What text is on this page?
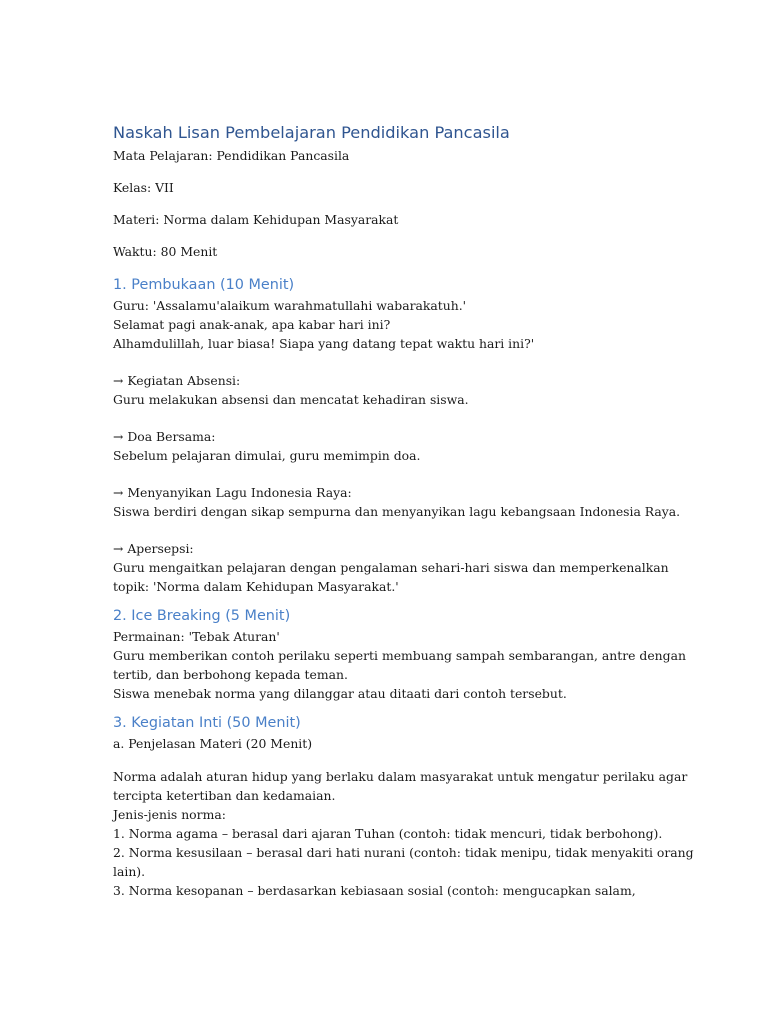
Naskah Lisan Pembelajaran Pendidikan Pancasila
Mata Pelajaran: Pendidikan Pancasila
Kelas: VII
Materi: Norma dalam Kehidupan Masyarakat
Waktu: 80 Menit
1. Pembukaan (10 Menit)
Guru: 'Assalamu'alaikum warahmatullahi wabarakatuh.'
Selamat pagi anak-anak, apa kabar hari ini?
Alhamdulillah, luar biasa! Siapa yang datang tepat waktu hari ini?'
→ Kegiatan Absensi:
Guru melakukan absensi dan mencatat kehadiran siswa.
→ Doa Bersama:
Sebelum pelajaran dimulai, guru memimpin doa.
→ Menyanyikan Lagu Indonesia Raya:
Siswa berdiri dengan sikap sempurna dan menyanyikan lagu kebangsaan Indonesia Raya.
→ Apersepsi:
Guru mengaitkan pelajaran dengan pengalaman sehari-hari siswa dan memperkenalkan
topik: 'Norma dalam Kehidupan Masyarakat.'
2. Ice Breaking (5 Menit)
Permainan: 'Tebak Aturan'
Guru memberikan contoh perilaku seperti membuang sampah sembarangan, antre dengan
tertib, dan berbohong kepada teman.
Siswa menebak norma yang dilanggar atau ditaati dari contoh tersebut.
3. Kegiatan Inti (50 Menit)
a. Penjelasan Materi (20 Menit)
Norma adalah aturan hidup yang berlaku dalam masyarakat untuk mengatur perilaku agar
tercipta ketertiban dan kedamaian.
Jenis-jenis norma:
1. Norma agama – berasal dari ajaran Tuhan (contoh: tidak mencuri, tidak berbohong).
2. Norma kesusilaan – berasal dari hati nurani (contoh: tidak menipu, tidak menyakiti orang
lain).
3. Norma kesopanan – berdasarkan kebiasaan sosial (contoh: mengucapkan salam,
